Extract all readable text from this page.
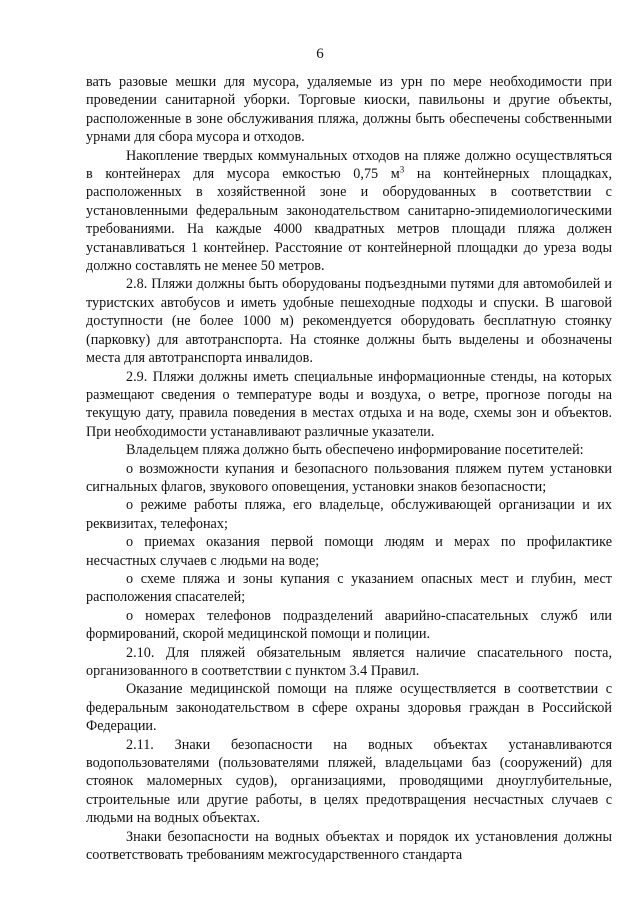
6

вать разовые мешки для мусора, удаляемые из урн по мере необходимости при проведении санитарной уборки. Торговые киоски, павильоны и другие объекты, расположенные в зоне обслуживания пляжа, должны быть обеспечены собственными урнами для сбора мусора и отходов.

Накопление твердых коммунальных отходов на пляже должно осуществляться в контейнерах для мусора емкостью 0,75 $м^3$ на контейнерных площадках, расположенных в хозяйственной зоне и оборудованных в соответствии с установленными федеральным законодательством санитарно-эпидемиологическими требованиями. На каждые 4000 квадратных метров площади пляжа должен устанавливаться 1 контейнер. Расстояние от контейнерной площадки до уреза воды должно составлять не менее 50 метров.

2.8. Пляжи должны быть оборудованы подъездными путями для автомобилей и туристских автобусов и иметь удобные пешеходные подходы и спуски. В шаговой доступности (не более 1000 м) рекомендуется оборудовать бесплатную стоянку (парковку) для автотранспорта. На стоянке должны быть выделены и обозначены места для автотранспорта инвалидов.

2.9. Пляжи должны иметь специальные информационные стенды, на которых размещают сведения о температуре воды и воздуха, о ветре, прогнозе погоды на текущую дату, правила поведения в местах отдыха и на воде, схемы зон и объектов. При необходимости устанавливают различные указатели.

Владельцем пляжа должно быть обеспечено информирование посетителей:

о возможности купания и безопасного пользования пляжем путем установки сигнальных флагов, звукового оповещения, установки знаков безопасности;

о режиме работы пляжа, его владельце, обслуживающей организации и их реквизитах, телефонах;

о приемах оказания первой помощи людям и мерах по профилактике несчастных случаев с людьми на воде;

о схеме пляжа и зоны купания с указанием опасных мест и глубин, мест расположения спасателей;

о номерах телефонов подразделений аварийно-спасательных служб или формирований, скорой медицинской помощи и полиции.

2.10. Для пляжей обязательным является наличие спасательного поста, организованного в соответствии с пунктом 3.4 Правил.

Оказание медицинской помощи на пляже осуществляется в соответствии с федеральным законодательством в сфере охраны здоровья граждан в Российской Федерации.

2.11. Знаки безопасности на водных объектах устанавливаются водопользователями (пользователями пляжей, владельцами баз (сооружений) для стоянок маломерных судов), организациями, проводящими дноуглубительные, строительные или другие работы, в целях предотвращения несчастных случаев с людьми на водных объектах.

Знаки безопасности на водных объектах и порядок их установления должны соответствовать требованиям межгосударственного стандарта
